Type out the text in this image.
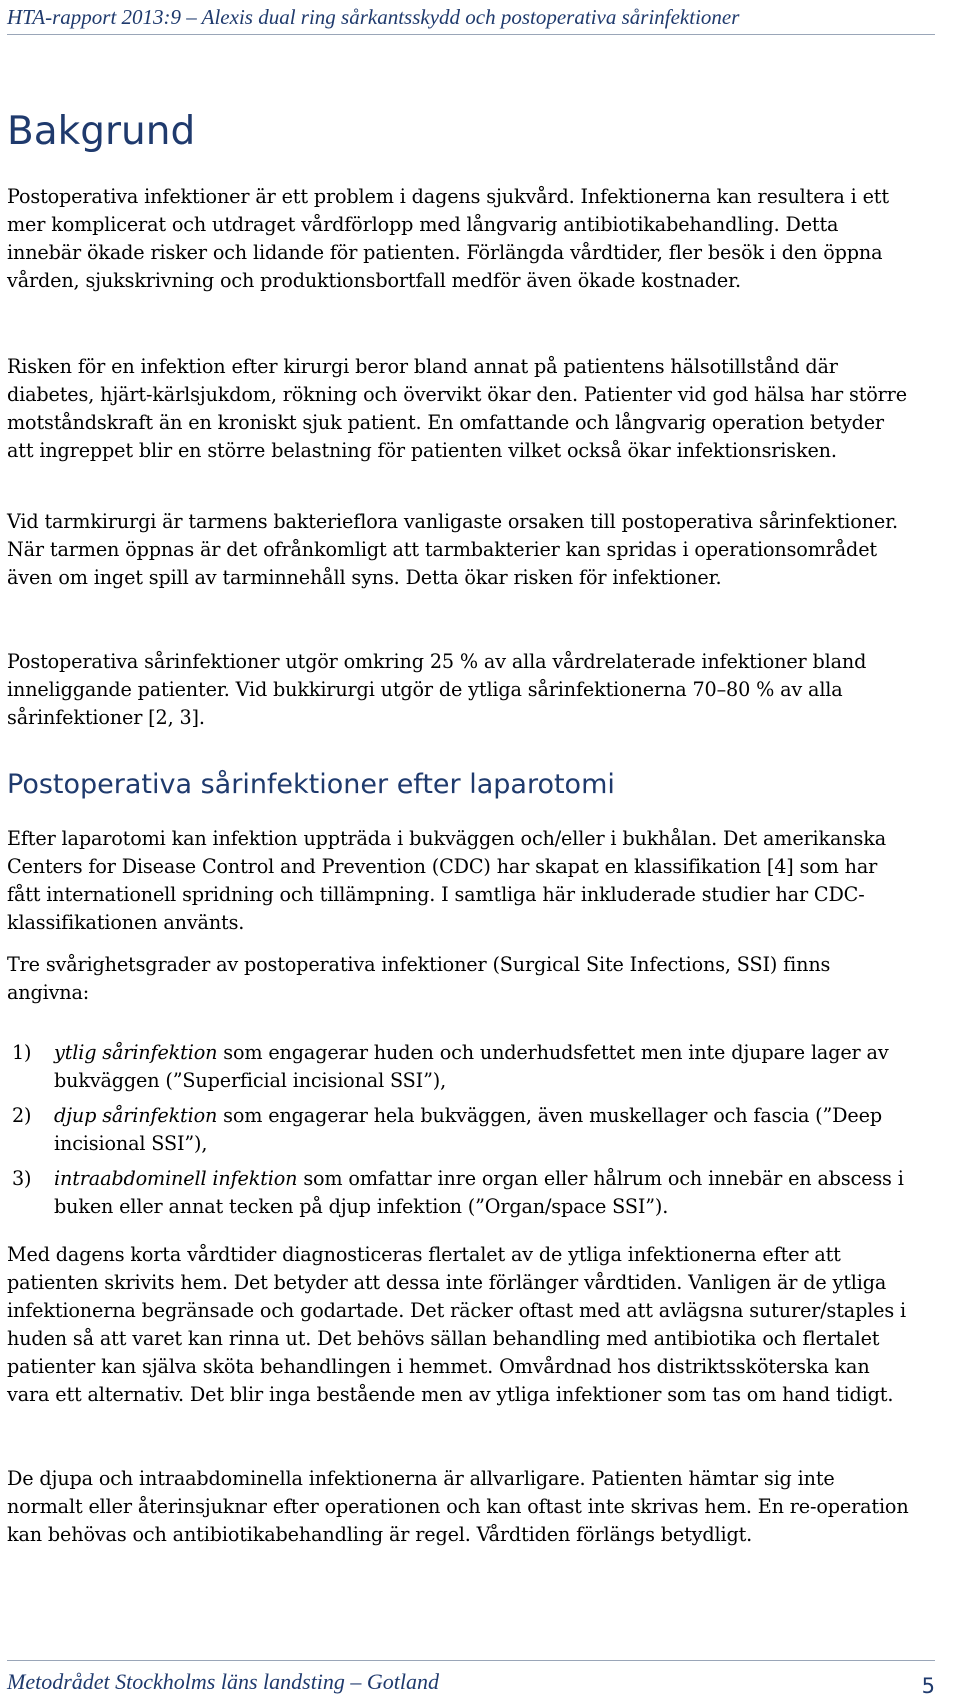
HTA-rapport 2013:9 – Alexis dual ring sårkantsskydd och postoperativa sårinfektioner
Bakgrund

Postoperativa infektioner är ett problem i dagens sjukvård. Infektionerna kan resultera i ett mer komplicerat och utdraget vårdförlopp med långvarig antibiotikabehandling. Detta innebär ökade risker och lidande för patienten. Förlängda vårdtider, fler besök i den öppna vården, sjukskrivning och produktionsbortfall medför även ökade kostnader.

Risken för en infektion efter kirurgi beror bland annat på patientens hälsotillstånd där diabetes, hjärt-kärlsjukdom, rökning och övervikt ökar den. Patienter vid god hälsa har större motståndskraft än en kroniskt sjuk patient. En omfattande och långvarig operation betyder att ingreppet blir en större belastning för patienten vilket också ökar infektionsrisken.

Vid tarmkirurgi är tarmens bakterieflora vanligaste orsaken till postoperativa sårinfektioner. När tarmen öppnas är det ofrånkomligt att tarmbakterier kan spridas i operationsområdet även om inget spill av tarminnehåll syns. Detta ökar risken för infektioner.

Postoperativa sårinfektioner utgör omkring 25 % av alla vårdrelaterade infektioner bland inneliggande patienter. Vid bukkirurgi utgör de ytliga sårinfektionerna 70–80 % av alla sårinfektioner [2, 3].

Postoperativa sårinfektioner efter laparotomi

Efter laparotomi kan infektion uppträda i bukväggen och/eller i bukhålan. Det amerikanska Centers for Disease Control and Prevention (CDC) har skapat en klassifikation [4] som har fått internationell spridning och tillämpning. I samtliga här inkluderade studier har CDC-klassifikationen använts.

Tre svårighetsgrader av postoperativa infektioner (Surgical Site Infections, SSI) finns angivna:

1) ytlig sårinfektion som engagerar huden och underhudsfettet men inte djupare lager av bukväggen (”Superficial incisional SSI”),
2) djup sårinfektion som engagerar hela bukväggen, även muskellager och fascia (”Deep incisional SSI”),
3) intraabdominell infektion som omfattar inre organ eller hålrum och innebär en abscess i buken eller annat tecken på djup infektion (”Organ/space SSI”).

Med dagens korta vårdtider diagnosticeras flertalet av de ytliga infektionerna efter att patienten skrivits hem. Det betyder att dessa inte förlänger vårdtiden. Vanligen är de ytliga infektionerna begränsade och godartade. Det räcker oftast med att avlägsna suturer/staples i huden så att varet kan rinna ut. Det behövs sällan behandling med antibiotika och flertalet patienter kan själva sköta behandlingen i hemmet. Omvårdnad hos distriktssköterska kan vara ett alternativ. Det blir inga bestående men av ytliga infektioner som tas om hand tidigt.

De djupa och intraabdominella infektionerna är allvarligare. Patienten hämtar sig inte normalt eller återinsjuknar efter operationen och kan oftast inte skrivas hem. En re-operation kan behövas och antibiotikabehandling är regel. Vårdtiden förlängs betydligt.

Metodrådet Stockholms läns landsting – Gotland	5
